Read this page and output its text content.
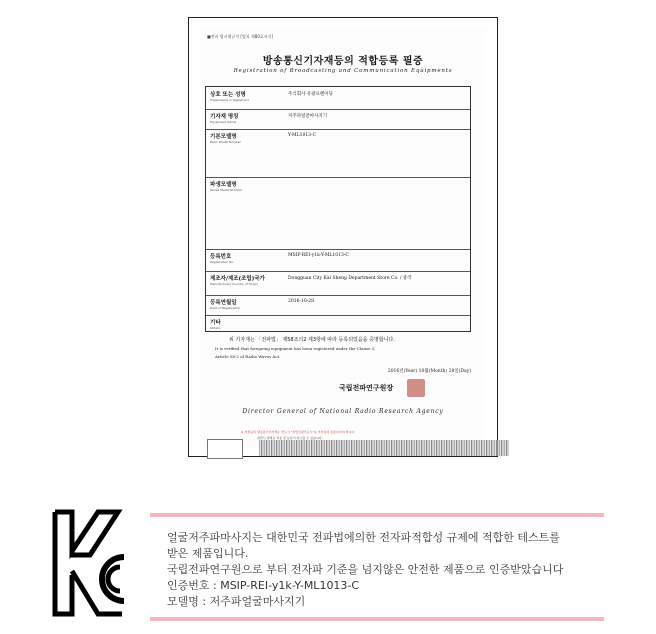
■전파 법시행규칙 [별지 제80호서식]
방송통신기자재등의 적합등록 필증
Registration of Broadcasting and Communication Equipments
상호 또는 성명
Trade Name or Registrant
주식회사 유광프렌이딩
기자재 명칭
Equipment Name
저주파얼굴마사지기
기본모델명
Basic Model Number
Y-ML1013-C
파생모델명
Series Model Number
등록번호
Registration No.
MSIP-REI-y1k-Y-ML1013-C
제조자/제조(조립)국가
Manufacturer/ Country of Origin
Dongguan City Kai Sheng Department Store Co. / 중국
등록연월일
Date of Registration
2016-10-28
기타
Others
위 기자재는 「전파법」 제58조의2 제3항에 따라 등록되었음을 증명합니다.
It is verified that foregoing equipment has been registered under the Clause 3,
Article 58-2 of Radio Waves Act.
2016년(Year) 10월(Month) 28일(Day)
국립전파연구원장
Director General of National Radio Research Agency
※ 적합등록 방송통신기자재는 반드시 "적합성평가표시"를 부착하여 유통하여야 합니다.
위반시 과태료 처분 및 등록이 취소될 수 있습니다.
얼굴저주파마사지는 대한민국 전파법에의한 전자파적합성 규제에 적합한 테스트를
받은 제품입니다.
국립전파연구원으로 부터 전자파 기준을 넘지않은 안전한 제품으로 인증받았습니다
인증번호 : MSIP-REI-y1k-Y-ML1013-C
모델명 : 저주파얼굴마사지기
